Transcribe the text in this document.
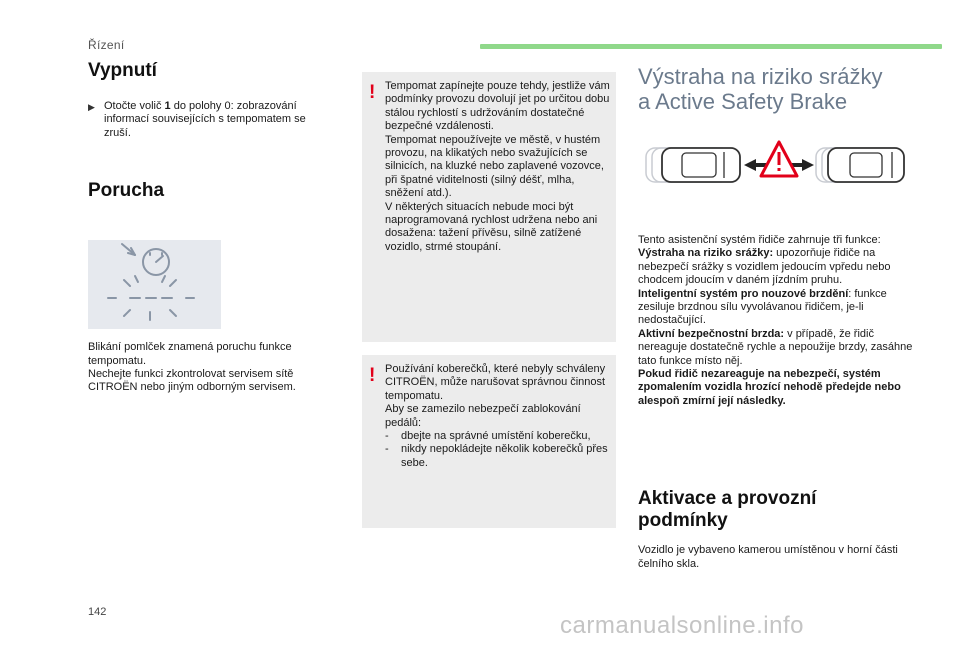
Řízení
Vypnutí
▶ Otočte volič 1 do polohy 0: zobrazování informací souvisejících s tempomatem se zruší.
Porucha
Blikání pomlček znamená poruchu funkce tempomatu.
Nechejte funkci zkontrolovat servisem sítě CITROËN nebo jiným odborným servisem.
! Tempomat zapínejte pouze tehdy, jestliže vám podmínky provozu dovolují jet po určitou dobu stálou rychlostí s udržováním dostatečné bezpečné vzdálenosti.
Tempomat nepoužívejte ve městě, v hustém provozu, na klikatých nebo svažujících se silnicích, na kluzké nebo zaplavené vozovce, při špatné viditelnosti (silný déšť, mlha, sněžení atd.).
V některých situacích nebude moci být naprogramovaná rychlost udržena nebo ani dosažena: tažení přívěsu, silně zatížené vozidlo, strmé stoupání.
! Používání koberečků, které nebyly schváleny CITROËN, může narušovat správnou činnost tempomatu.
Aby se zamezilo nebezpečí zablokování pedálů:
-	dbejte na správné umístění koberečku,
-	nikdy nepokládejte několik koberečků přes sebe.
Výstraha na riziko srážky
a Active Safety Brake
Tento asistenční systém řidiče zahrnuje tři funkce:
Výstraha na riziko srážky: upozorňuje řidiče na nebezpečí srážky s vozidlem jedoucím vpředu nebo chodcem jdoucím v daném jízdním pruhu.
Inteligentní systém pro nouzové brzdění: funkce zesiluje brzdnou sílu vyvolávanou řidičem, je-li nedostačující.
Aktivní bezpečnostní brzda: v případě, že řidič nereaguje dostatečně rychle a nepoužije brzdy, zasáhne tato funkce místo něj.
Pokud řidič nezareaguje na nebezpečí, systém zpomalením vozidla hrozící nehodě předejde nebo alespoň zmírní její následky.
Aktivace a provozní
podmínky
Vozidlo je vybaveno kamerou umístěnou v horní části čelního skla.
142	carmanualsonline.info
